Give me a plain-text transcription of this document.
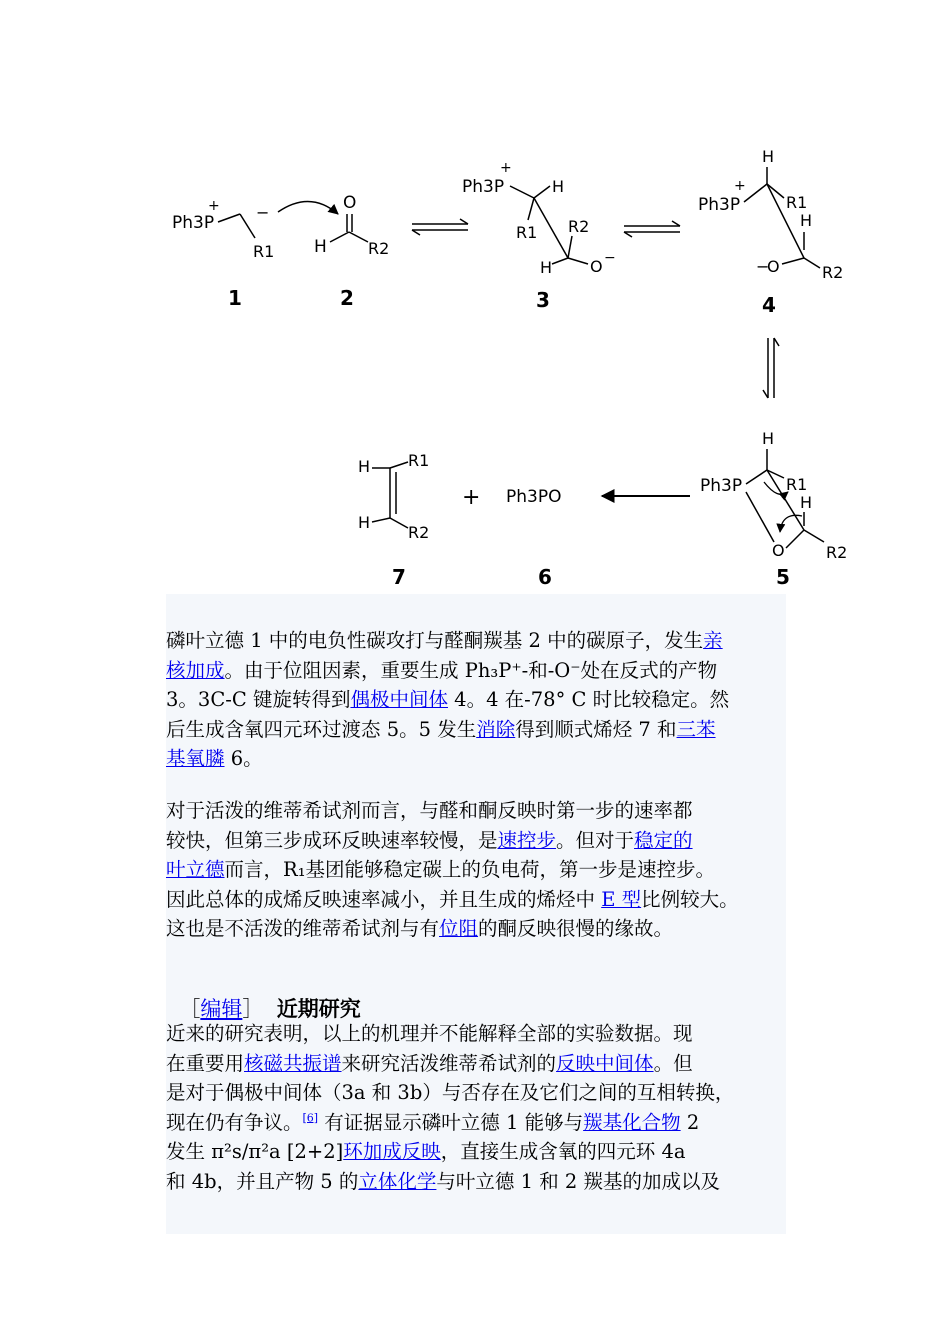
Ph3P
+ −
R1
1
O
H	R2
2
Ph3P
+
H
R1 R2
H O −
3
H
Ph3P
+
R1
H
−
O	R2
4
H
Ph3P	R1
H
O	R2
5
Ph3PO
6
+
H R1
H
R2
7
磷叶立德 1 中的电负性碳攻打与醛酮羰基 2 中的碳原子，发生亲
核加成。由于位阻因素，重要生成 Ph₃P⁺-和-O⁻处在反式的产物
3。3C-C 键旋转得到偶极中间体 4。4 在-78° C 时比较稳定。然
后生成含氧四元环过渡态 5。5 发生消除得到顺式烯烃 7 和三苯
基氧膦 6。
对于活泼的维蒂希试剂而言，与醛和酮反映时第一步的速率都
较快，但第三步成环反映速率较慢，是速控步。但对于稳定的
叶立德而言，R₁基团能够稳定碳上的负电荷，第一步是速控步。
因此总体的成烯反映速率减小，并且生成的烯烃中 E 型比例较大。
这也是不活泼的维蒂希试剂与有位阻的酮反映很慢的缘故。

［编辑］ 近期研究

近来的研究表明，以上的机理并不能解释全部的实验数据。现
在重要用核磁共振谱来研究活泼维蒂希试剂的反映中间体。但
是对于偶极中间体（3a 和 3b）与否存在及它们之间的互相转换，
现在仍有争议。[6] 有证据显示磷叶立德 1 能够与羰基化合物 2
发生 π²s/π²a [2+2]环加成反映，直接生成含氧的四元环 4a
和 4b，并且产物 5 的立体化学与叶立德 1 和 2 羰基的加成以及
